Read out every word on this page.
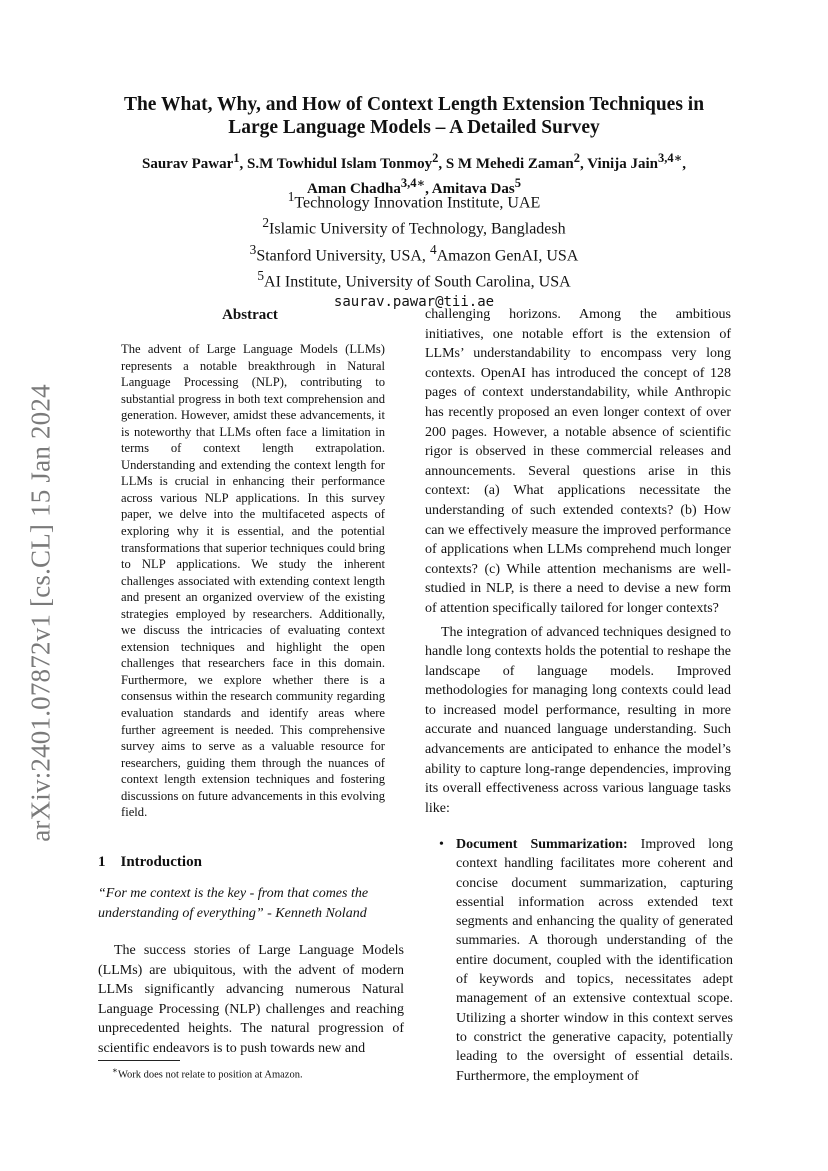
arXiv:2401.07872v1 [cs.CL] 15 Jan 2024
The What, Why, and How of Context Length Extension Techniques in
Large Language Models – A Detailed Survey
Saurav Pawar$^1$, S.M Towhidul Islam Tonmoy$^2$, S M Mehedi Zaman$^2$, Vinija Jain$^{3,4∗}$,
Aman Chadha$^{3,4∗}$, Amitava Das$^5$
$^1$Technology Innovation Institute, UAE
$^2$Islamic University of Technology, Bangladesh
$^3$Stanford University, USA, $^4$Amazon GenAI, USA
$^5$AI Institute, University of South Carolina, USA
saurav.pawar@tii.ae
Abstract
The advent of Large Language Models (LLMs) represents a notable breakthrough in Natural Language Processing (NLP), contributing to substantial progress in both text comprehension and generation. However, amidst these advancements, it is noteworthy that LLMs often face a limitation in terms of context length extrapolation. Understanding and extending the context length for LLMs is crucial in enhancing their performance across various NLP applications. In this survey paper, we delve into the multifaceted aspects of exploring why it is essential, and the potential transformations that superior techniques could bring to NLP applications. We study the inherent challenges associated with extending context length and present an organized overview of the existing strategies employed by researchers. Additionally, we discuss the intricacies of evaluating context extension techniques and highlight the open challenges that researchers face in this domain. Furthermore, we explore whether there is a consensus within the research community regarding evaluation standards and identify areas where further agreement is needed. This comprehensive survey aims to serve as a valuable resource for researchers, guiding them through the nuances of context length extension techniques and fostering discussions on future advancements in this evolving field.
1 Introduction
“For me context is the key - from that comes the understanding of everything” - Kenneth Noland
The success stories of Large Language Models (LLMs) are ubiquitous, with the advent of modern LLMs significantly advancing numerous Natural Language Processing (NLP) challenges and reaching unprecedented heights. The natural progression of scientific endeavors is to push towards new and
∗Work does not relate to position at Amazon.

challenging horizons. Among the ambitious initiatives, one notable effort is the extension of LLMs’ understandability to encompass very long contexts. OpenAI has introduced the concept of 128 pages of context understandability, while Anthropic has recently proposed an even longer context of over 200 pages. However, a notable absence of scientific rigor is observed in these commercial releases and announcements. Several questions arise in this context: (a) What applications necessitate the understanding of such extended contexts? (b) How can we effectively measure the improved performance of applications when LLMs comprehend much longer contexts? (c) While attention mechanisms are well-studied in NLP, is there a need to devise a new form of attention specifically tailored for longer contexts?

The integration of advanced techniques designed to handle long contexts holds the potential to reshape the landscape of language models. Improved methodologies for managing long contexts could lead to increased model performance, resulting in more accurate and nuanced language understanding. Such advancements are anticipated to enhance the model’s ability to capture long-range dependencies, improving its overall effectiveness across various language tasks like:

• Document Summarization: Improved long context handling facilitates more coherent and concise document summarization, capturing essential information across extended text segments and enhancing the quality of generated summaries. A thorough understanding of the entire document, coupled with the identification of keywords and topics, necessitates adept management of an extensive contextual scope. Utilizing a shorter window in this context serves to constrict the generative capacity, potentially leading to the oversight of essential details. Furthermore, the employment of
